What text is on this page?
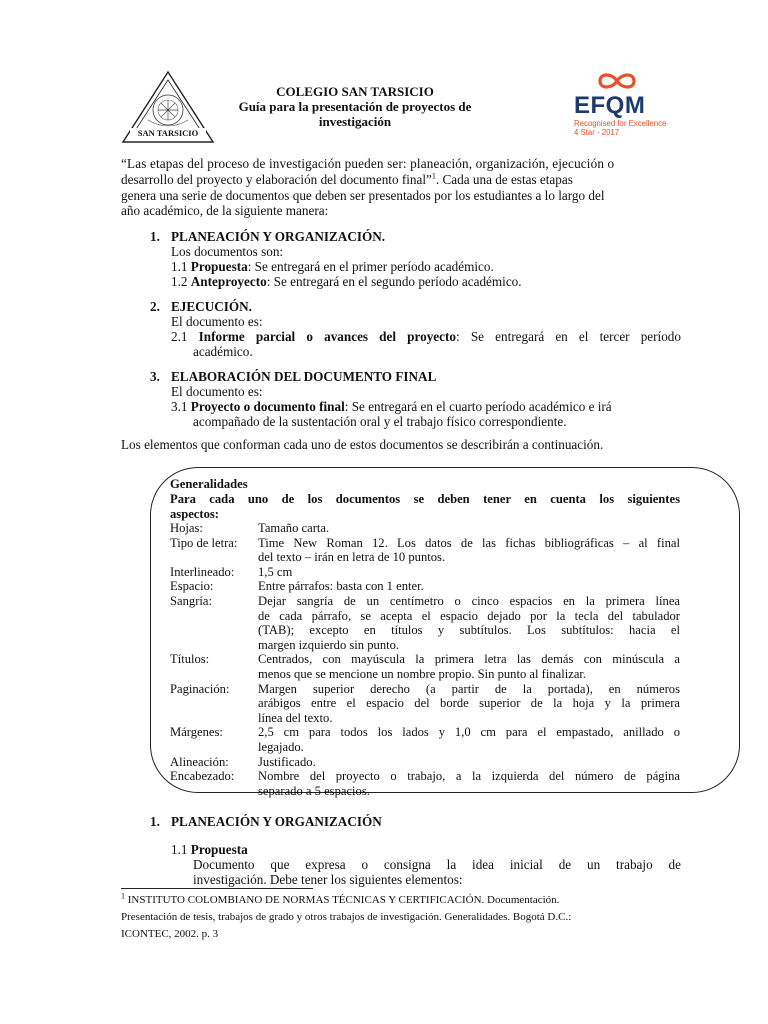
SAN TARSICIO
COLEGIO SAN TARSICIO
Guía para la presentación de proyectos de
investigación
EFQM
Recognised for Excellence
4 Star - 2017
“Las etapas del proceso de investigación pueden ser: planeación, organización, ejecución o
desarrollo del proyecto y elaboración del documento final”$^1$. Cada una de estas etapas
genera una serie de documentos que deben ser presentados por los estudiantes a lo largo del
año académico, de la siguiente manera:
1. PLANEACIÓN Y ORGANIZACIÓN.
Los documentos son:
1.1 Propuesta: Se entregará en el primer período académico.
1.2 Anteproyecto: Se entregará en el segundo período académico.
2. EJECUCIÓN.
El documento es:
2.1 Informe parcial o avances del proyecto: Se entregará en el tercer período
académico.
3. ELABORACIÓN DEL DOCUMENTO FINAL
El documento es:
3.1 Proyecto o documento final: Se entregará en el cuarto período académico e irá
acompañado de la sustentación oral y el trabajo físico correspondiente.
Los elementos que conforman cada uno de estos documentos se describirán a continuación.
Generalidades
Para cada uno de los documentos se deben tener en cuenta los siguientes
aspectos:
Hojas:	Tamaño carta.
Tipo de letra:	Time New Roman 12. Los datos de las fichas bibliográficas – al final
del texto – irán en letra de 10 puntos.
Interlineado:	1,5 cm
Espacio:	Entre párrafos: basta con 1 enter.
Sangría:	Dejar sangría de un centímetro o cinco espacios en la primera línea
de cada párrafo, se acepta el espacio dejado por la tecla del tabulador
(TAB); excepto en títulos y subtítulos. Los subtítulos: hacia el
margen izquierdo sin punto.
Títulos:	Centrados, con mayúscula la primera letra las demás con minúscula a
menos que se mencione un nombre propio. Sin punto al finalizar.
Paginación:	Margen superior derecho (a partir de la portada), en números
arábigos entre el espacio del borde superior de la hoja y la primera
línea del texto.
Márgenes:	2,5 cm para todos los lados y 1,0 cm para el empastado, anillado o
legajado.
Alineación:	Justificado.
Encabezado:	Nombre del proyecto o trabajo, a la izquierda del número de página
separado a 5 espacios.
1. PLANEACIÓN Y ORGANIZACIÓN
1.1 Propuesta
Documento que expresa o consigna la idea inicial de un trabajo de
investigación. Debe tener los siguientes elementos:
$^1$ INSTITUTO COLOMBIANO DE NORMAS TÉCNICAS Y CERTIFICACIÓN. Documentación.
Presentación de tesis, trabajos de grado y otros trabajos de investigación. Generalidades. Bogotá D.C.:
ICONTEC, 2002. p. 3
